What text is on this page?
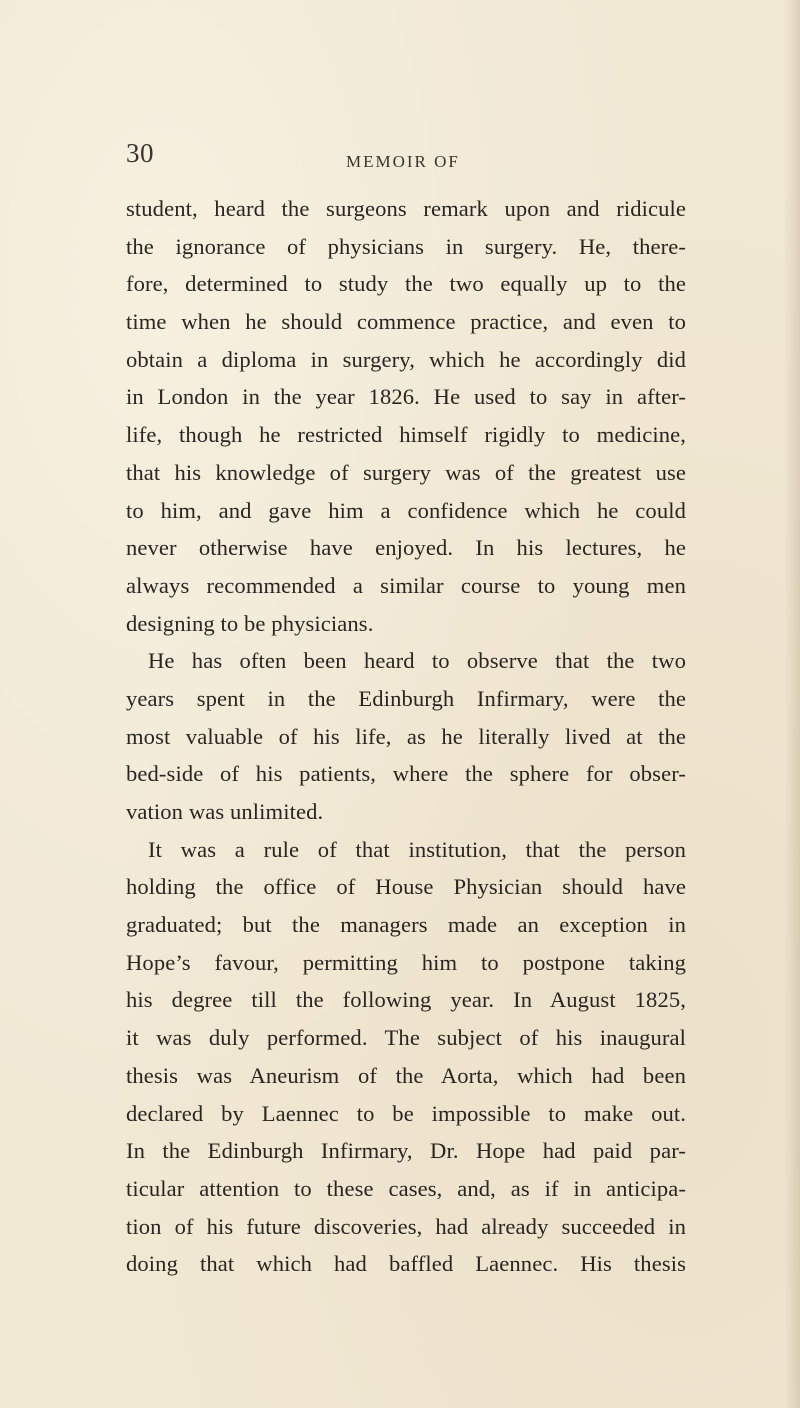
30	MEMOIR OF
student, heard the surgeons remark upon and ridicule
the ignorance of physicians in surgery. He, there-
fore, determined to study the two equally up to the
time when he should commence practice, and even to
obtain a diploma in surgery, which he accordingly did
in London in the year 1826. He used to say in after-
life, though he restricted himself rigidly to medicine,
that his knowledge of surgery was of the greatest use
to him, and gave him a confidence which he could
never otherwise have enjoyed. In his lectures, he
always recommended a similar course to young men
designing to be physicians.
He has often been heard to observe that the two
years spent in the Edinburgh Infirmary, were the
most valuable of his life, as he literally lived at the
bed-side of his patients, where the sphere for obser-
vation was unlimited.
It was a rule of that institution, that the person
holding the office of House Physician should have
graduated; but the managers made an exception in
Hope’s favour, permitting him to postpone taking
his degree till the following year. In August 1825,
it was duly performed. The subject of his inaugural
thesis was Aneurism of the Aorta, which had been
declared by Laennec to be impossible to make out.
In the Edinburgh Infirmary, Dr. Hope had paid par-
ticular attention to these cases, and, as if in anticipa-
tion of his future discoveries, had already succeeded in
doing that which had baffled Laennec. His thesis
